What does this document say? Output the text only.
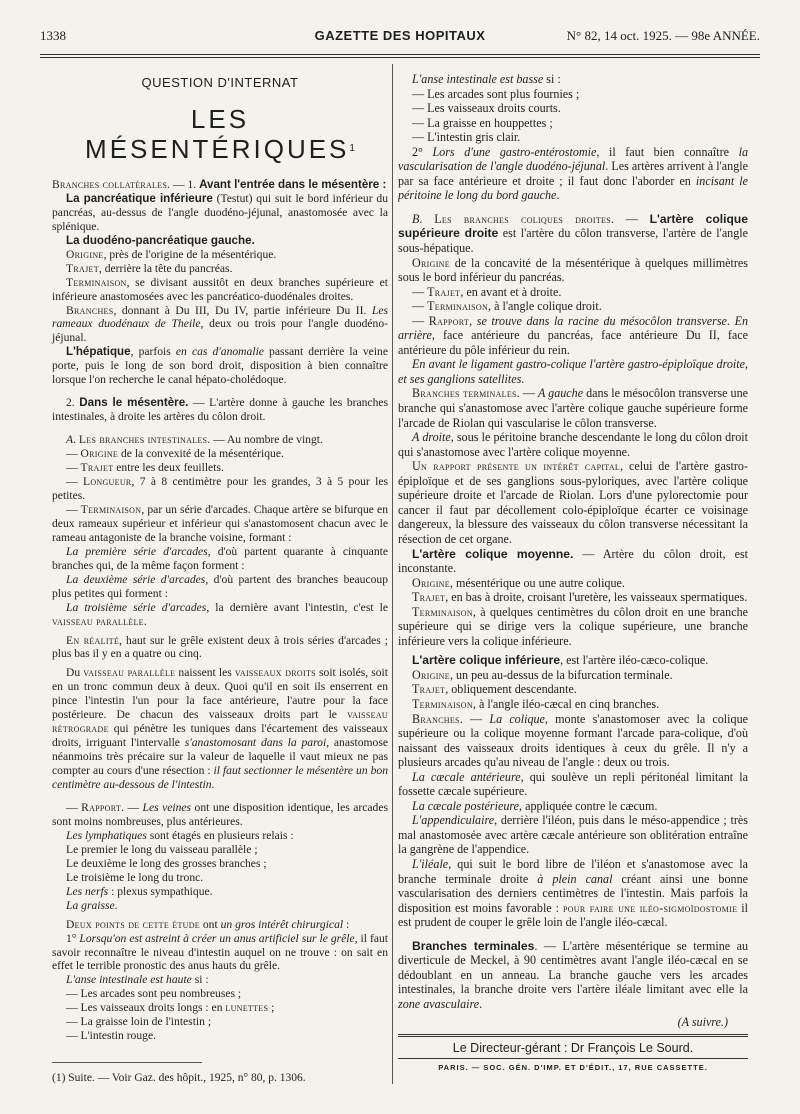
1338	GAZETTE DES HOPITAUX	N° 82, 14 oct. 1925. — 98e ANNÉE.
QUESTION D'INTERNAT
LES MÉSENTÉRIQUES$^1$

Branches collatérales. — 1. Avant l'entrée dans le mésentère :

La pancréatique inférieure (Testut) qui suit le bord inférieur du pancréas, au-dessus de l'angle duodéno-jéjunal, anastomosée avec la splénique.

La duodéno-pancréatique gauche.

Origine, près de l'origine de la mésentérique.

Trajet, derrière la tête du pancréas.

Terminaison, se divisant aussitôt en deux branches supérieure et inférieure anastomosées avec les pancréatico-duodénales droites.

Branches, donnant à Du III, Du IV, partie inférieure Du II. Les rameaux duodénaux de Theile, deux ou trois pour l'angle duodéno-jéjunal.

L'hépatique, parfois en cas d'anomalie passant derrière la veine porte, puis le long de son bord droit, disposition à bien connaître lorsque l'on recherche le canal hépato-cholédoque.

2. Dans le mésentère. — L'artère donne à gauche les branches intestinales, à droite les artères du côlon droit.

A. Les branches intestinales. — Au nombre de vingt.

— Origine de la convexité de la mésentérique.

— Trajet entre les deux feuillets.

— Longueur, 7 à 8 centimètre pour les grandes, 3 à 5 pour les petites.

— Terminaison, par un série d'arcades. Chaque artère se bifurque en deux rameaux supérieur et inférieur qui s'anastomosent chacun avec le rameau antagoniste de la branche voisine, formant :

La première série d'arcades, d'où partent quarante à cinquante branches qui, de la même façon forment :

La deuxième série d'arcades, d'où partent des branches beaucoup plus petites qui forment :

La troisième série d'arcades, la dernière avant l'intestin, c'est le vaisseau parallèle.

En réalité, haut sur le grêle existent deux à trois séries d'arcades ; plus bas il y en a quatre ou cinq.

Du vaisseau parallèle naissent les vaisseaux droits soit isolés, soit en un tronc commun deux à deux. Quoi qu'il en soit ils enserrent en pince l'intestin l'un pour la face antérieure, l'autre pour la face postérieure. De chacun des vaisseaux droits part le vaisseau rétrograde qui pénètre les tuniques dans l'écartement des vaisseaux droits, irriguant l'intervalle s'anastomosant dans la paroi, anastomose néanmoins très précaire sur la valeur de laquelle il vaut mieux ne pas compter au cours d'une résection : il faut sectionner le mésentère un bon centimètre au-dessous de l'intestin.

— Rapport. — Les veines ont une disposition identique, les arcades sont moins nombreuses, plus antérieures.

Les lymphatiques sont étagés en plusieurs relais :

Le premier le long du vaisseau parallèle ;

Le deuxième le long des grosses branches ;

Le troisième le long du tronc.

Les nerfs : plexus sympathique.

La graisse.

Deux points de cette étude ont un gros intérêt chirurgical :

1° Lorsqu'on est astreint à créer un anus artificiel sur le grêle, il faut savoir reconnaître le niveau d'intestin auquel on ne trouve : on sait en effet le terrible pronostic des anus hauts du grêle.

L'anse intestinale est haute si :

— Les arcades sont peu nombreuses ;

— Les vaisseaux droits longs : en lunettes ;

— La graisse loin de l'intestin ;

— L'intestin rouge.

L'anse intestinale est basse si :

— Les arcades sont plus fournies ;

— Les vaisseaux droits courts.

— La graisse en houppettes ;

— L'intestin gris clair.

2° Lors d'une gastro-entérostomie, il faut bien connaître la vascularisation de l'angle duodéno-jéjunal. Les artères arrivent à l'angle par sa face antérieure et droite ; il faut donc l'aborder en incisant le péritoine le long du bord gauche.

B. Les branches coliques droites. — L'artère colique supérieure droite est l'artère du côlon transverse, l'artère de l'angle sous-hépatique.

Origine de la concavité de la mésentérique à quelques millimètres sous le bord inférieur du pancréas.

— Trajet, en avant et à droite.

— Terminaison, à l'angle colique droit.

— Rapport, se trouve dans la racine du mésocôlon transverse. En arrière, face antérieure du pancréas, face antérieure Du II, face antérieure du pôle inférieur du rein.

En avant le ligament gastro-colique l'artère gastro-épiploïque droite, et ses ganglions satellites.

Branches terminales. — A gauche dans le mésocôlon transverse une branche qui s'anastomose avec l'artère colique gauche supérieure forme l'arcade de Riolan qui vascularise le côlon transverse.

A droite, sous le péritoine branche descendante le long du côlon droit qui s'anastomose avec l'artère colique moyenne.

Un rapport présente un intérêt capital, celui de l'artère gastro-épiploïque et de ses ganglions sous-pyloriques, avec l'artère colique supérieure droite et l'arcade de Riolan. Lors d'une pylorectomie pour cancer il faut par décollement colo-épiploïque écarter ce voisinage dangereux, la blessure des vaisseaux du côlon transverse nécessitant la résection de cet organe.

L'artère colique moyenne. — Artère du côlon droit, est inconstante.

Origine, mésentérique ou une autre colique.

Trajet, en bas à droite, croisant l'uretère, les vaisseaux spermatiques.

Terminaison, à quelques centimètres du côlon droit en une branche supérieure qui se dirige vers la colique supérieure, une branche inférieure vers la colique inférieure.

L'artère colique inférieure, est l'artère iléo-cæco-colique.

Origine, un peu au-dessus de la bifurcation terminale.

Trajet, obliquement descendante.

Terminaison, à l'angle iléo-cæcal en cinq branches.

Branches. — La colique, monte s'anastomoser avec la colique supérieure ou la colique moyenne formant l'arcade para-colique, d'où naissant des vaisseaux droits identiques à ceux du grêle. Il n'y a plusieurs arcades qu'au niveau de l'angle : deux ou trois.

La cæcale antérieure, qui soulève un repli péritonéal limitant la fossette cæcale supérieure.

La cæcale postérieure, appliquée contre le cæcum.

L'appendiculaire, derrière l'iléon, puis dans le méso-appendice ; très mal anastomosée avec artère cæcale antérieure son oblitération entraîne la gangrène de l'appendice.

L'iléale, qui suit le bord libre de l'iléon et s'anastomose avec la branche terminale droite à plein canal créant ainsi une bonne vascularisation des derniers centimètres de l'intestin. Mais parfois la disposition est moins favorable : pour faire une iléo-sigmoïdostomie il est prudent de couper le grêle loin de l'angle iléo-cæcal.

Branches terminales. — L'artère mésentérique se termine au diverticule de Meckel, à 90 centimètres avant l'angle iléo-cæcal en se dédoublant en un anneau. La branche gauche vers les arcades intestinales, la branche droite vers l'artère iléale limitant avec elle la zone avasculaire.

(A suivre.)

Le Directeur-gérant : Dr François Le Sourd.
PARIS. — SOC. GÉN. D'IMP. ET D'ÉDIT., 17, RUE CASSETTE.
(1) Suite. — Voir Gaz. des hôpit., 1925, n° 80, p. 1306.
